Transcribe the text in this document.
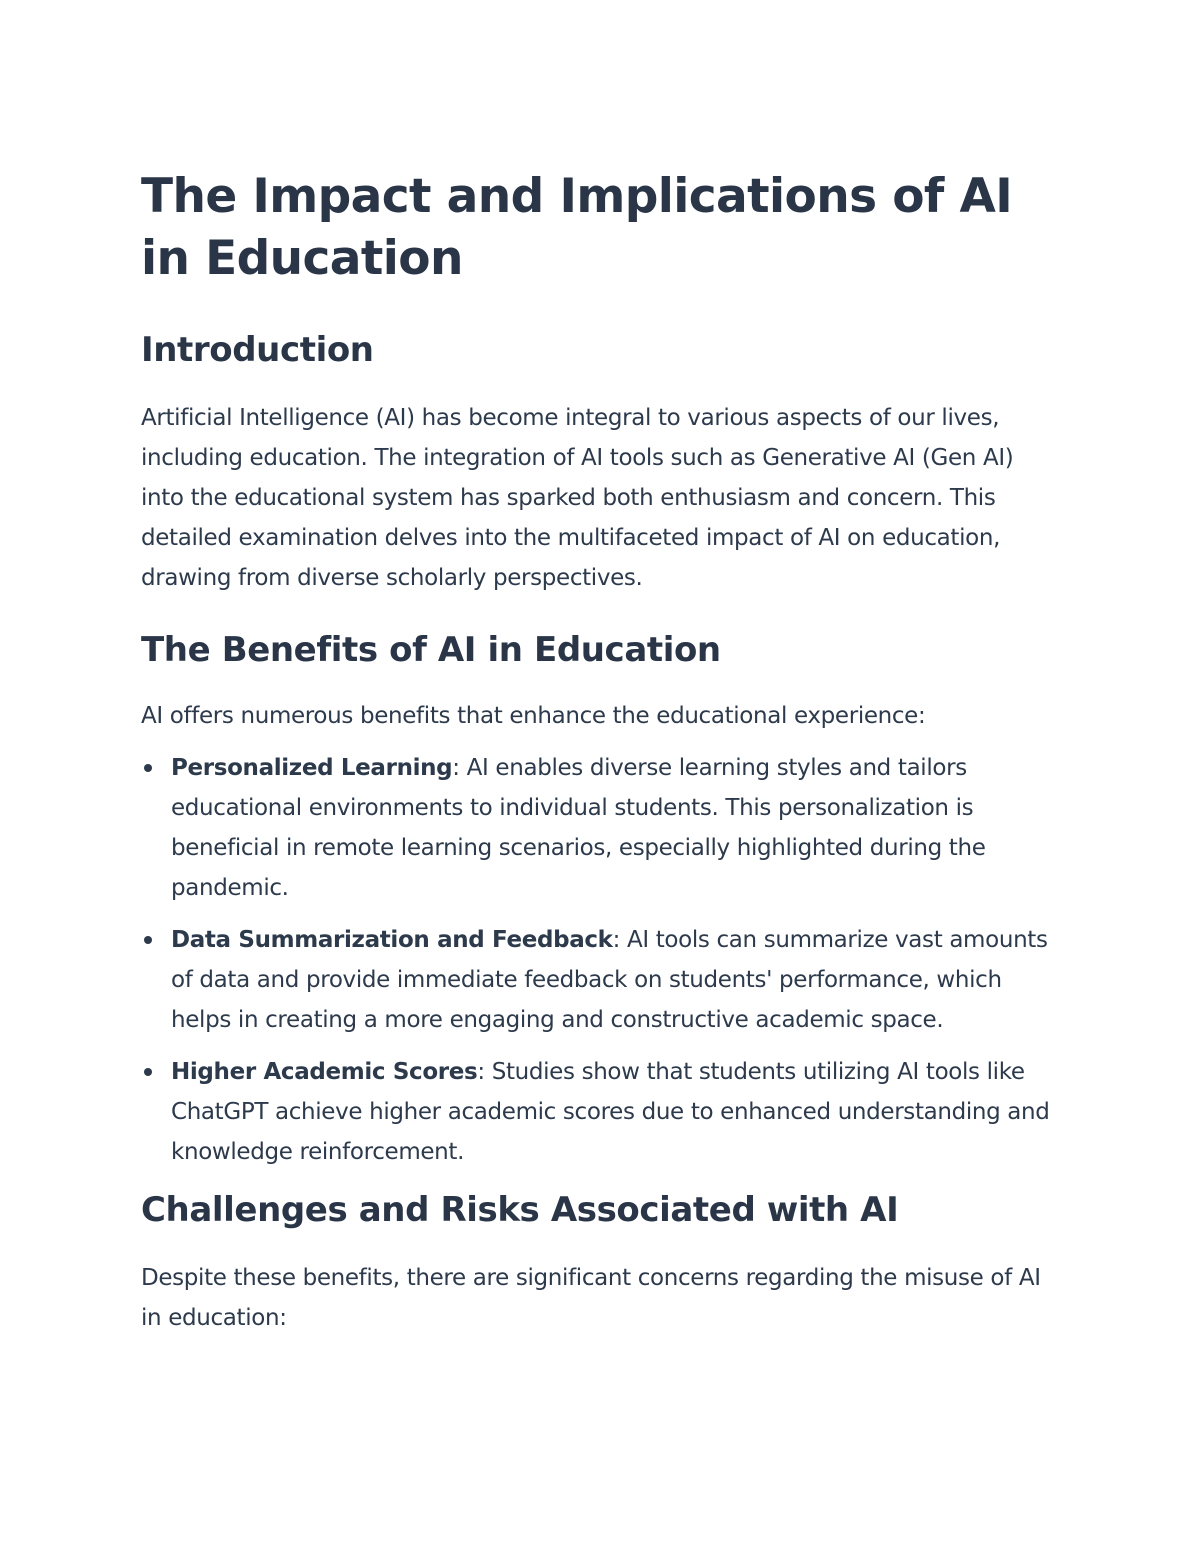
The Impact and Implications of AI in Education
Introduction

Artificial Intelligence (AI) has become integral to various aspects of our lives, including education. The integration of AI tools such as Generative AI (Gen AI) into the educational system has sparked both enthusiasm and concern. This detailed examination delves into the multifaceted impact of AI on education, drawing from diverse scholarly perspectives.

The Benefits of AI in Education

AI offers numerous benefits that enhance the educational experience:

Personalized Learning: AI enables diverse learning styles and tailors educational environments to individual students. This personalization is beneficial in remote learning scenarios, especially highlighted during the pandemic.
Data Summarization and Feedback: AI tools can summarize vast amounts of data and provide immediate feedback on students' performance, which helps in creating a more engaging and constructive academic space.
Higher Academic Scores: Studies show that students utilizing AI tools like ChatGPT achieve higher academic scores due to enhanced understanding and knowledge reinforcement.
Challenges and Risks Associated with AI

Despite these benefits, there are significant concerns regarding the misuse of AI in education:
